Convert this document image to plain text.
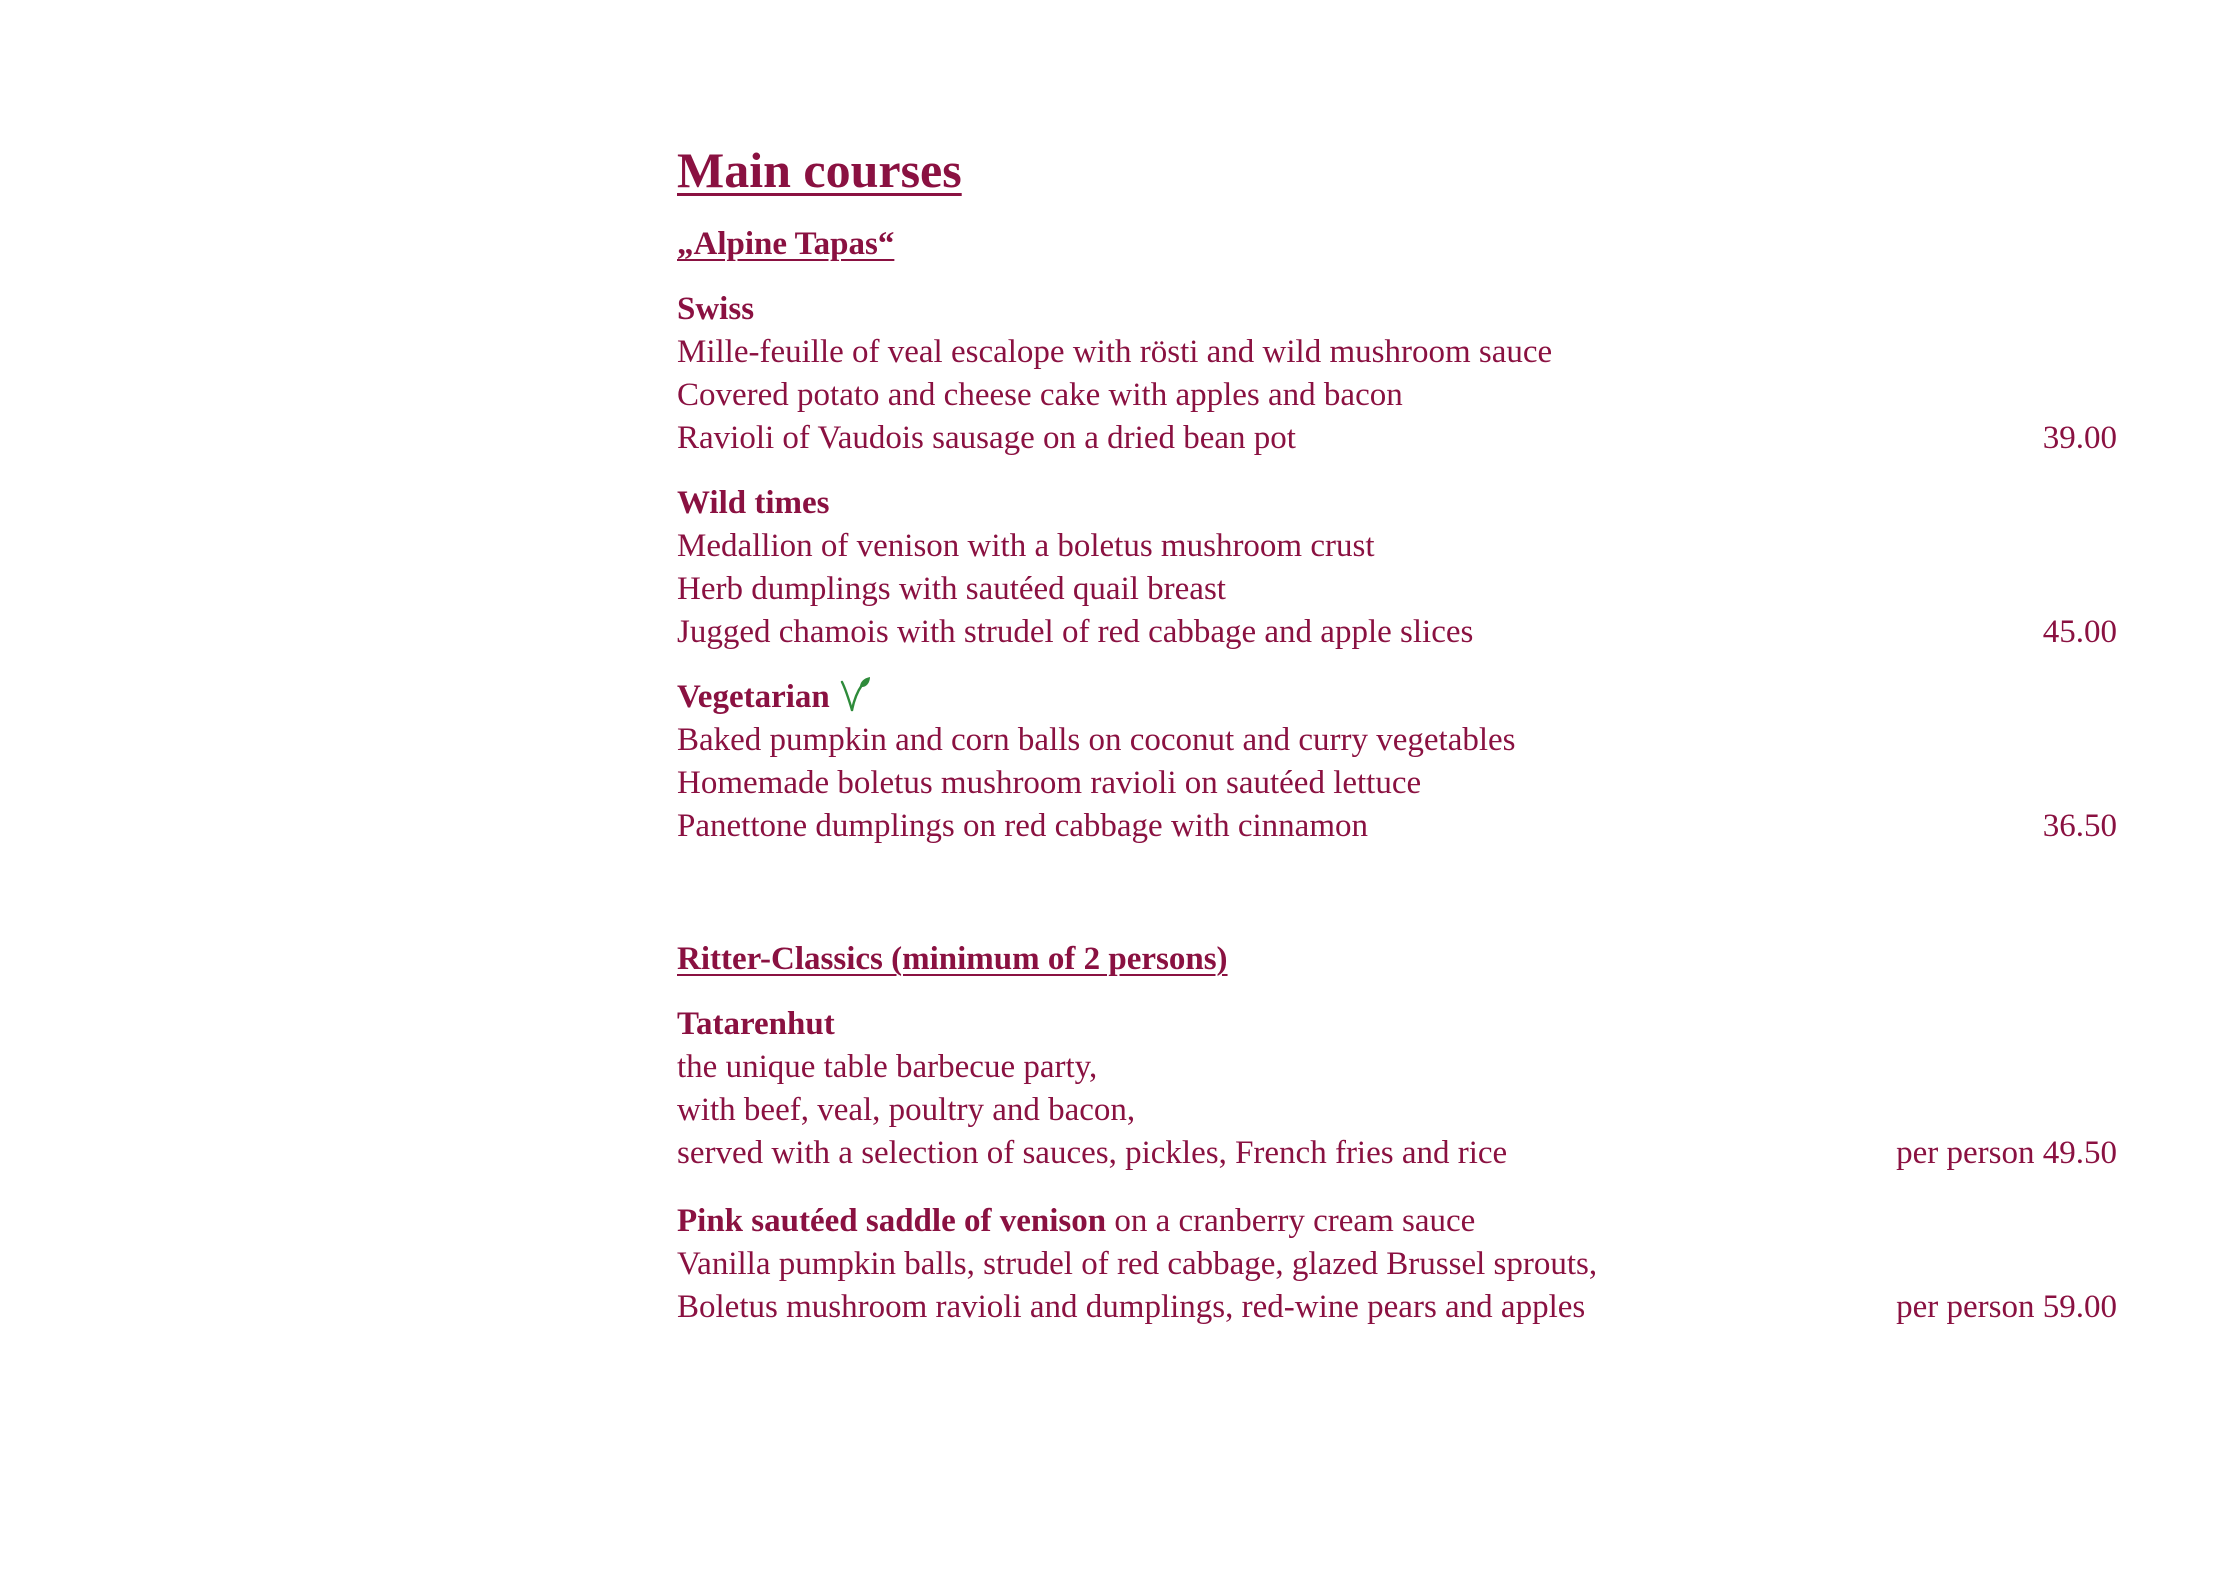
Main courses
„Alpine Tapas“
Swiss
Mille-feuille of veal escalope with rösti and wild mushroom sauce
Covered potato and cheese cake with apples and bacon
Ravioli of Vaudois sausage on a dried bean pot	39.00
Wild times
Medallion of venison with a boletus mushroom crust
Herb dumplings with sautéed quail breast
Jugged chamois with strudel of red cabbage and apple slices	45.00
Vegetarian
Baked pumpkin and corn balls on coconut and curry vegetables
Homemade boletus mushroom ravioli on sautéed lettuce
Panettone dumplings on red cabbage with cinnamon	36.50
Ritter-Classics (minimum of 2 persons)
Tatarenhut
the unique table barbecue party,
with beef, veal, poultry and bacon,
served with a selection of sauces, pickles, French fries and rice	per person 49.50
Pink sautéed saddle of venison on a cranberry cream sauce
Vanilla pumpkin balls, strudel of red cabbage, glazed Brussel sprouts,
Boletus mushroom ravioli and dumplings, red-wine pears and apples	per person 59.00
